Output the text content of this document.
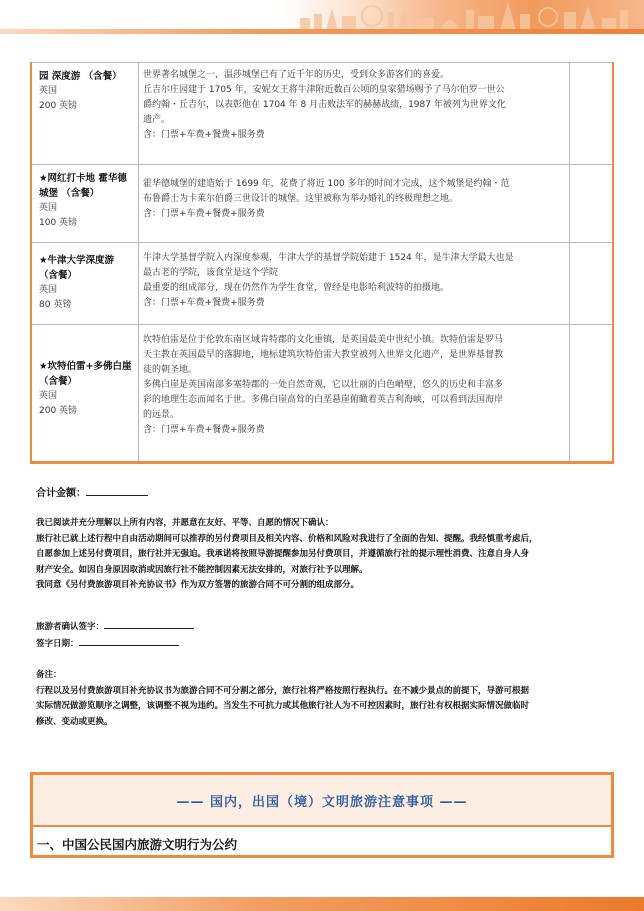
园 深度游 （含餐）
英国
200 英镑

世界著名城堡之一，温莎城堡已有了近千年的历史，受到众多游客们的喜爱。

丘吉尔庄园建于 1705 年，安妮女王将牛津附近数百公顷的皇家猎场赐予了马尔伯罗一世公

爵约翰・丘吉尔，以表彰他在 1704 年 8 月击败法军的赫赫战绩，1987 年被列为世界文化

遗产。

含：门票+车费+餐费+服务费

★网红打卡地 霍华德
城堡 （含餐）
英国
100 英镑

霍华德城堡的建造始于 1699 年，花费了将近 100 多年的时间才完成，这个城堡是约翰・范

布鲁爵士为卡莱尔伯爵三世设计的城堡。这里被称为举办婚礼的终极理想之地。

含：门票+车费+餐费+服务费

★牛津大学深度游
（含餐）
英国
80 英镑

牛津大学基督学院入内深度参观，牛津大学的基督学院始建于 1524 年，是牛津大学最大也是

最古老的学院，该食堂是这个学院

最重要的组成部分，现在仍然作为学生食堂，曾经是电影哈利波特的拍摄地。

含：门票+车费+餐费+服务费

★坎特伯雷+多佛白崖
（含餐）
英国
200 英镑

坎特伯雷是位于伦敦东南区域肯特郡的文化重镇，是英国最美中世纪小镇。坎特伯雷是罗马

天主教在英国最早的落脚地，地标建筑坎特伯雷大教堂被列入世界文化遗产，是世界基督教

徒的朝圣地。

多佛白崖是英国南部多塞特郡的一处自然奇观，它以壮丽的白色峭壁，悠久的历史和丰富多

彩的地理生态而闻名于世。多佛白崖高耸的白垩悬崖俯瞰着英吉利海峡，可以看到法国海岸

的远景。

含：门票+车费+餐费+服务费

合计金额：
我已阅读并充分理解以上所有内容，并愿意在友好、平等、自愿的情况下确认：
旅行社已就上述行程中自由活动期间可以推荐的另付费项目及相关内容、价格和风险对我进行了全面的告知、提醒。我经慎重考虑后，
自愿参加上述另付费项目，旅行社并无强迫。我承诺将按照导游提醒参加另付费项目，并遵循旅行社的提示理性消费、注意自身人身
财产安全。如因自身原因取消或因旅行社不能控制因素无法安排的，对旅行社予以理解。
我同意《另付费旅游项目补充协议书》作为双方签署的旅游合同不可分割的组成部分。
旅游者确认签字：
签字日期：
备注：
行程以及另付费旅游项目补充协议书为旅游合同不可分割之部分，旅行社将严格按照行程执行。在不减少景点的前提下，导游可根据
实际情况做游览顺序之调整，该调整不视为违约。当发生不可抗力或其他旅行社人为不可控因素时，旅行社有权根据实际情况做临时
修改、变动或更换。
—— 国内，出国（境）文明旅游注意事项 ——
一、中国公民国内旅游文明行为公约
